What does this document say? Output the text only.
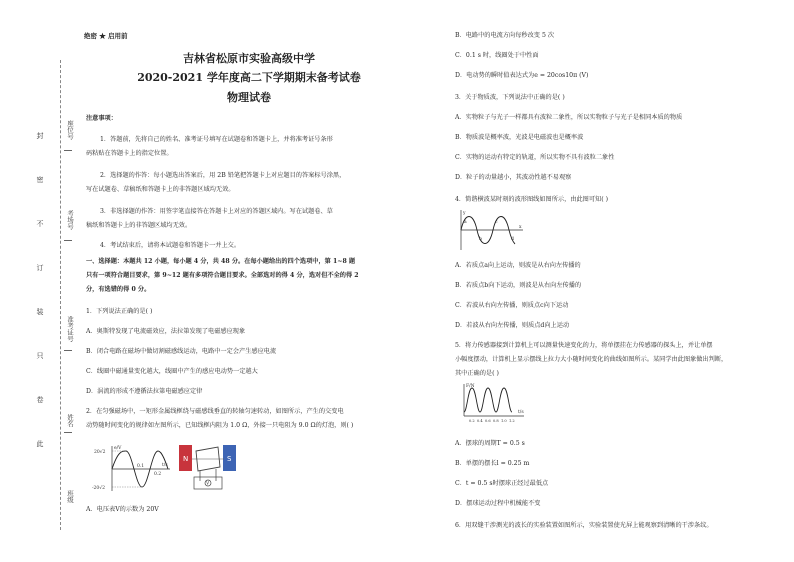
封
密
不
订
装
只
卷
此
座位号
考场号
准考证号
姓名
班级
绝密 ★ 启用前
吉林省松原市实验高级中学
2020-2021 学年度高二下学期期末备考试卷
物理试卷
注意事项：
1．答题前，先将自己的姓名、准考证号填写在试题卷和答题卡上，并将准考证号条形
码粘贴在答题卡上的指定位置。
2．选择题的作答：每小题选出答案后，用 2B 铅笔把答题卡上对应题目的答案标号涂黑，
写在试题卷、草稿纸和答题卡上的非答题区域均无效。
3．非选择题的作答：用签字笔直接答在答题卡上对应的答题区域内。写在试题卷、草
稿纸和答题卡上的非答题区域均无效。
4．考试结束后，请将本试题卷和答题卡一并上交。
一、选择题：本题共 12 小题，每小题 4 分，共 48 分。在每小题给出的四个选项中，第 1~8 题
只有一项符合题目要求，第 9~12 题有多项符合题目要求。全部选对的得 4 分，选对但不全的得 2
分，有选错的得 0 分。
1．下列说法正确的是( )
A．奥斯特发现了电流磁效应，法拉第发现了电磁感应现象
B．闭合电路在磁场中做切割磁感线运动，电路中一定会产生感应电流
C．线圈中磁通量变化越大，线圈中产生的感应电动势一定越大
D．涡流的形成不遵循法拉第电磁感应定律
2．在匀强磁场中，一矩形金属线框绕与磁感线垂直的转轴匀速转动，如图所示，产生的交变电
动势随时间变化的规律如左图所示，已知线框内阻为 1.0 Ω，外接一只电阻为 9.0 Ω的灯泡，则( )
20√2
-20√2
0.1
0.2
t/s
e/V
N	S
V
A．电压表V的示数为 20V
B．电路中的电流方向每秒改变 5 次
C．0.1 s 时，线圈处于中性面
D．电动势的瞬时值表达式为e = 20cos10π (V)
3．关于物质波，下列说法中正确的是( )
A．实物粒子与光子一样都具有波粒二象性，所以实物粒子与光子是相同本质的物质
B．物质波是概率波，光波是电磁波也是概率波
C．实物的运动有特定的轨道，所以实物不具有波粒二象性
D．粒子的动量越小，其波动性越不易观察
4．简谐横波某时刻的波形图线如图所示，由此图可知( )
y
x
a
b
c
d
A．若质点a向上运动，则波是从右向左传播的
B．若质点b向下运动，则波是从右向左传播的
C．若波从右向左传播，则质点c向下运动
D．若波从右向左传播，则质点d向上运动
5．将力传感器接到计算机上可以测量快速变化的力，将单摆挂在力传感器的探头上，并让单摆
小幅度摆动，计算机上显示摆线上拉力大小随时间变化的曲线如图所示。某同学由此图象做出判断，
其中正确的是( )
F/N
t/s
0.2 0.4 0.6 0.8 1.0 1.2
A．摆球的周期T = 0.5 s
B．单摆的摆长l = 0.25 m
C．t = 0.5 s时摆球正经过最低点
D．摆球运动过程中机械能不变
6．用双缝干涉测光的波长的实验装置如图所示，实验装置使光屏上能观察到清晰的干涉条纹。
